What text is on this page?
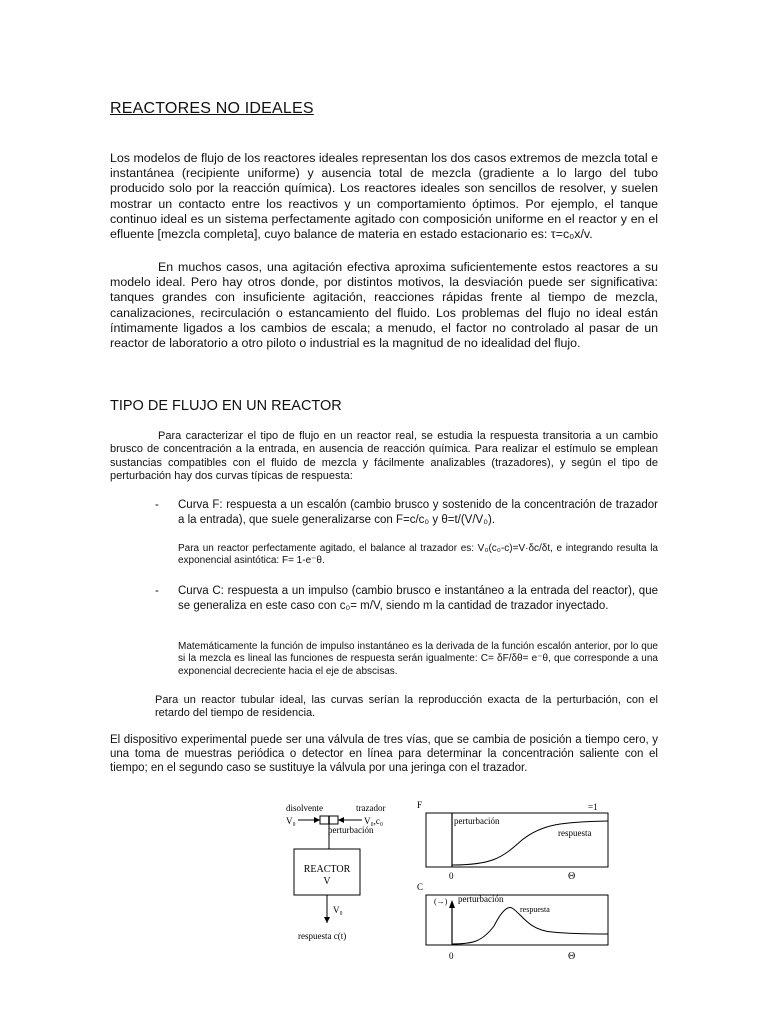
REACTORES NO IDEALES

Los modelos de flujo de los reactores ideales representan los dos casos extremos de mezcla total e instantánea (recipiente uniforme) y ausencia total de mezcla (gradiente a lo largo del tubo producido solo por la reacción química). Los reactores ideales son sencillos de resolver, y suelen mostrar un contacto entre los reactivos y un comportamiento óptimos. Por ejemplo, el tanque continuo ideal es un sistema perfectamente agitado con composición uniforme en el reactor y en el efluente [mezcla completa], cuyo balance de materia en estado estacionario es: τ=c₀x/v.

En muchos casos, una agitación efectiva aproxima suficientemente estos reactores a su modelo ideal. Pero hay otros donde, por distintos motivos, la desviación puede ser significativa: tanques grandes con insuficiente agitación, reacciones rápidas frente al tiempo de mezcla, canalizaciones, recirculación o estancamiento del fluido. Los problemas del flujo no ideal están íntimamente ligados a los cambios de escala; a menudo, el factor no controlado al pasar de un reactor de laboratorio a otro piloto o industrial es la magnitud de no idealidad del flujo.

TIPO DE FLUJO EN UN REACTOR

Para caracterizar el tipo de flujo en un reactor real, se estudia la respuesta transitoria a un cambio brusco de concentración a la entrada, en ausencia de reacción química. Para realizar el estímulo se emplean sustancias compatibles con el fluido de mezcla y fácilmente analizables (trazadores), y según el tipo de perturbación hay dos curvas típicas de respuesta:

- Curva F: respuesta a un escalón (cambio brusco y sostenido de la concentración de trazador a la entrada), que suele generalizarse con F=c/c₀ y θ=t/(V/V₀).

Para un reactor perfectamente agitado, el balance al trazador es: V₀(c₀-c)=V·δc/δt, e integrando resulta la exponencial asintótica: F= 1-e⁻θ.

- Curva C: respuesta a un impulso (cambio brusco e instantáneo a la entrada del reactor), que se generaliza en este caso con c₀= m/V, siendo m la cantidad de trazador inyectado.

Matemáticamente la función de impulso instantáneo es la derivada de la función escalón anterior, por lo que si la mezcla es lineal las funciones de respuesta serán igualmente: C= δF/δθ= e⁻θ, que corresponde a una exponencial decreciente hacia el eje de abscisas.

Para un reactor tubular ideal, las curvas serían la reproducción exacta de la perturbación, con el retardo del tiempo de residencia.

El dispositivo experimental puede ser una válvula de tres vías, que se cambia de posición a tiempo cero, y una toma de muestras periódica o detector en línea para determinar la concentración saliente con el tiempo; en el segundo caso se sustituye la válvula por una jeringa con el trazador.

disolvente	trazador
V₀	V₀,c₀
perturbación
REACTOR
V
V₀
respuesta c(t)
F	=1
perturbación
respuesta
0	Θ
C
(→) perturbación
respuesta
0	Θ
